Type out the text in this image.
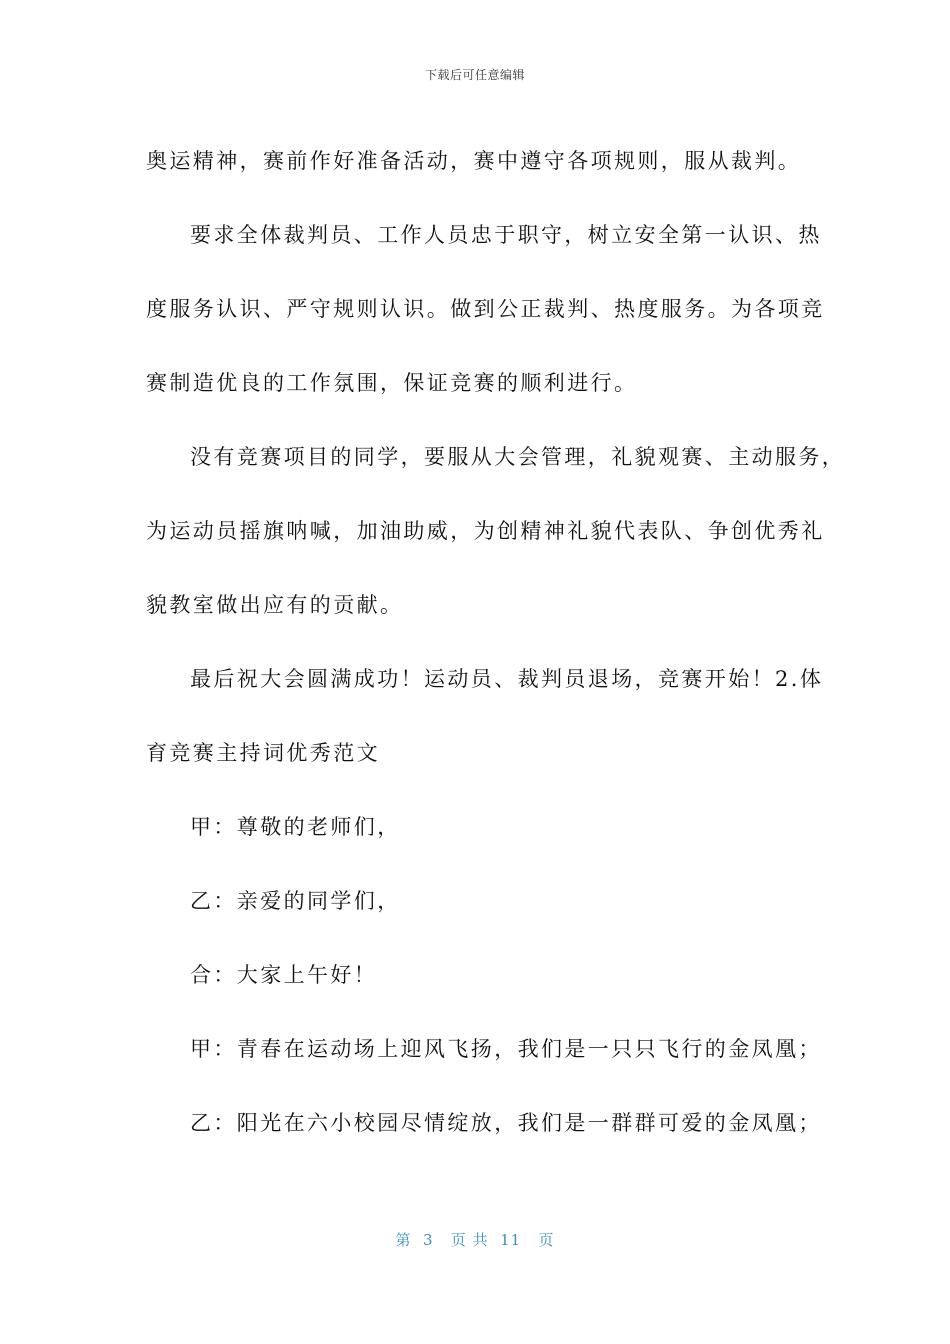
下载后可任意编辑
奥运精神，赛前作好准备活动，赛中遵守各项规则，服从裁判。
要求全体裁判员、工作人员忠于职守，树立安全第一认识、热
度服务认识、严守规则认识。做到公正裁判、热度服务。为各项竞
赛制造优良的工作氛围，保证竞赛的顺利进行。
没有竞赛项目的同学，要服从大会管理，礼貌观赛、主动服务，
为运动员摇旗呐喊，加油助威，为创精神礼貌代表队、争创优秀礼
貌教室做出应有的贡献。
最后祝大会圆满成功！运动员、裁判员退场，竞赛开始！2.体
育竞赛主持词优秀范文
甲：尊敬的老师们，
乙：亲爱的同学们，
合：大家上午好！
甲：青春在运动场上迎风飞扬，我们是一只只飞行的金凤凰；
乙：阳光在六小校园尽情绽放，我们是一群群可爱的金凤凰；
第  3   页 共  11   页
